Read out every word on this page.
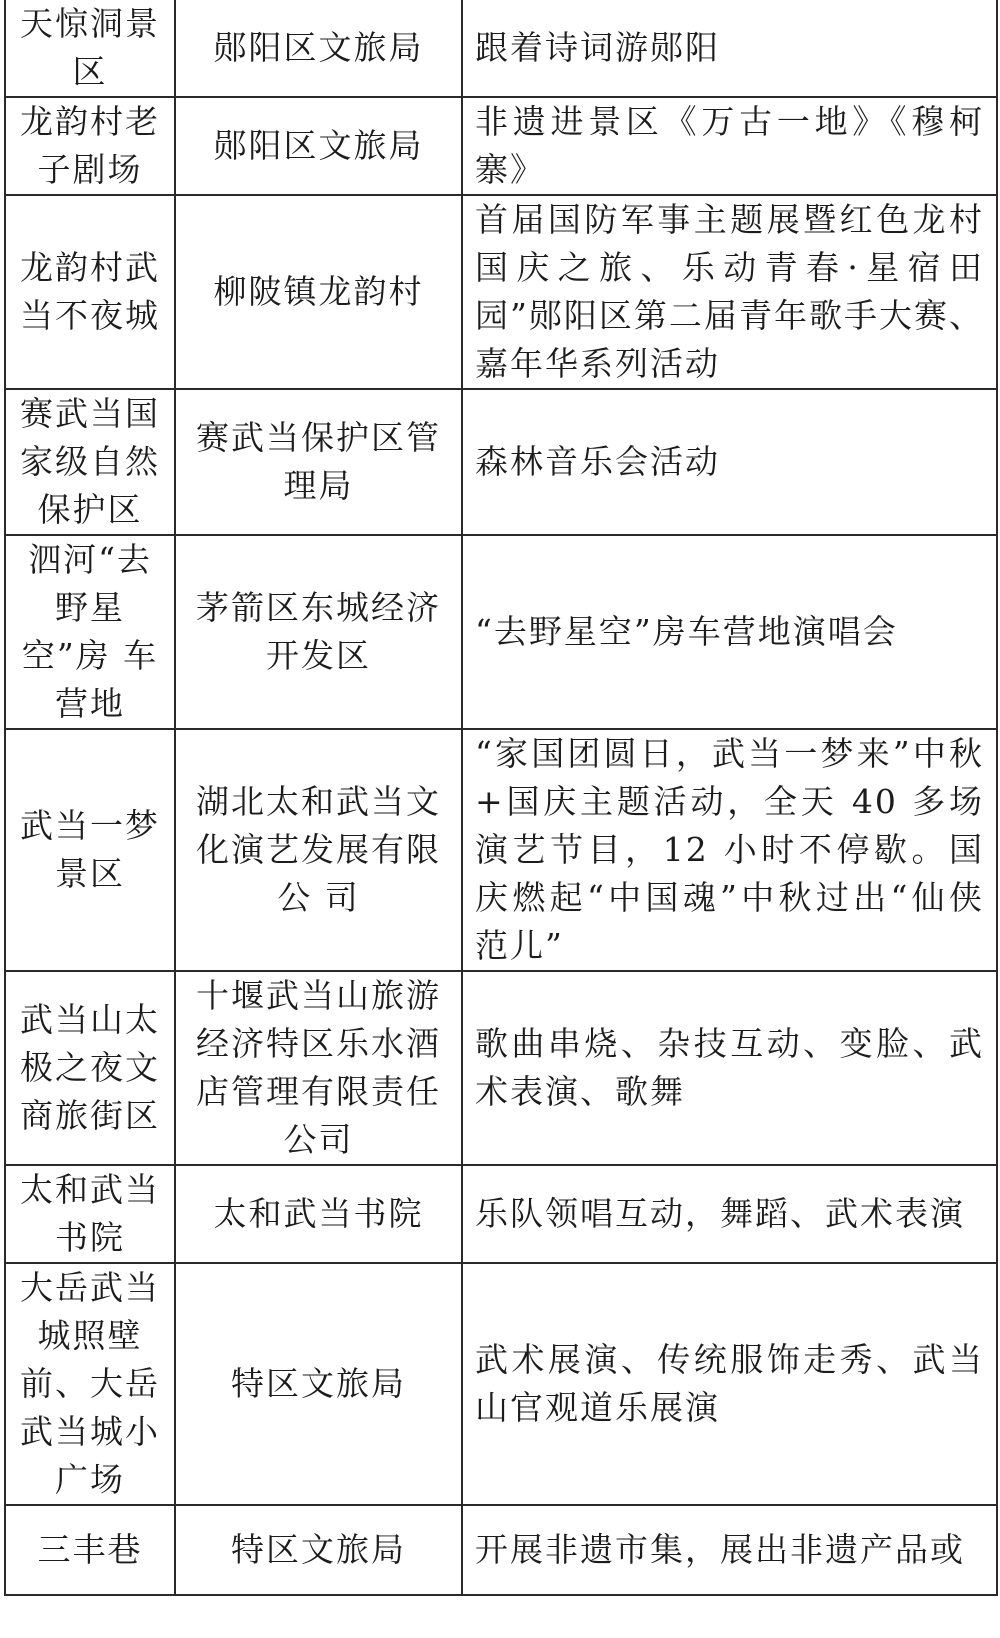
天惊洞景区	郧阳区文旅局	跟着诗词游郧阳
龙韵村老子剧场	郧阳区文旅局	非遗进景区《万古一地》《穆柯寨》
龙韵村武当不夜城	柳陂镇龙韵村	首届国防军事主题展暨红色龙村国庆之旅、乐动青春·星宿田园”郧阳区第二届青年歌手大赛、嘉年华系列活动
赛武当国家级自然保护区	赛武当保护区管理局	森林音乐会活动
泗河“去野星空”房 车营地	茅箭区东城经济开发区	“去野星空”房车营地演唱会
武当一梦景区	湖北太和武当文化演艺发展有限公 司	“家国团圆日，武当一梦来”中秋+国庆主题活动，全天 40 多场演艺节目，12 小时不停歇。国庆燃起“中国魂”中秋过出“仙侠范儿”
武当山太极之夜文商旅街区	十堰武当山旅游经济特区乐水酒店管理有限责任公司	歌曲串烧、杂技互动、变脸、武术表演、歌舞
太和武当书院	太和武当书院	乐队领唱互动，舞蹈、武术表演
大岳武当城照壁前、大岳武当城小广场	特区文旅局	武术展演、传统服饰走秀、武当山官观道乐展演
三丰巷	特区文旅局	开展非遗市集，展出非遗产品或
